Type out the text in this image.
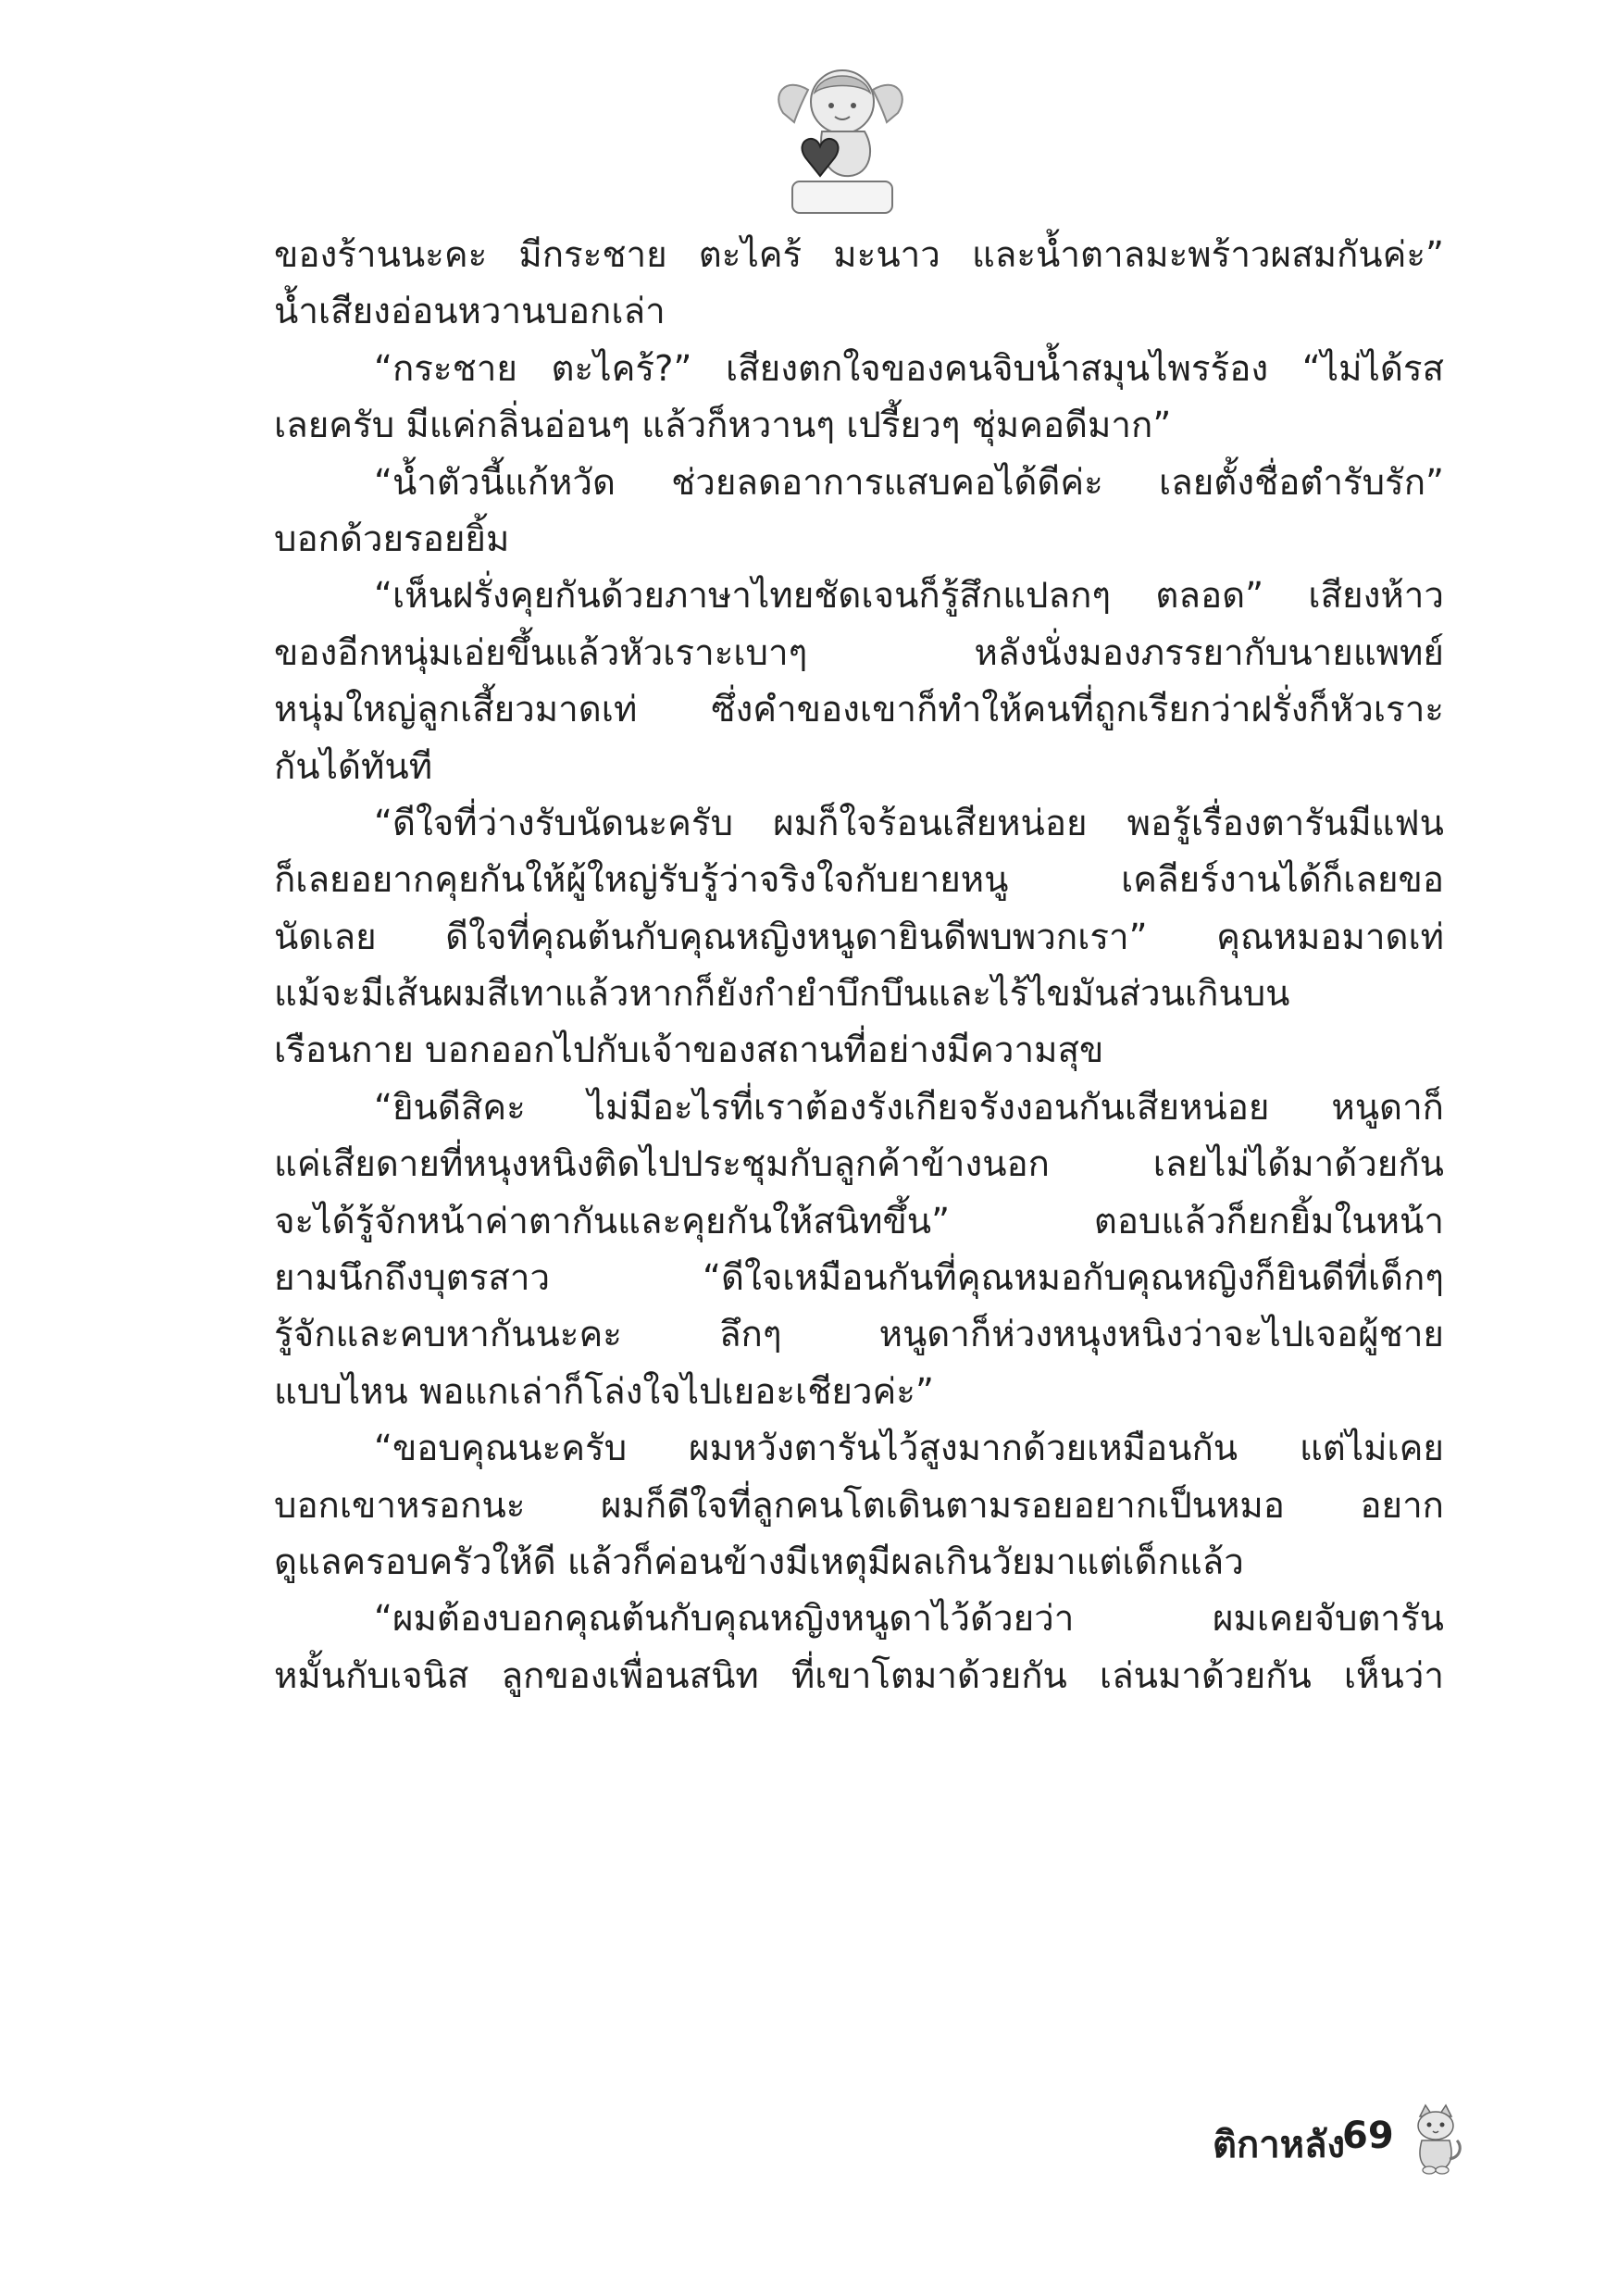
ของร้านนะคะ มีกระชาย ตะไคร้ มะนาว และน้ำตาลมะพร้าวผสมกันค่ะ”
น้ำเสียงอ่อนหวานบอกเล่า
“กระชาย ตะไคร้?” เสียงตกใจของคนจิบน้ำสมุนไพรร้อง “ไม่ได้รส
เลยครับ มีแค่กลิ่นอ่อนๆ แล้วก็หวานๆ เปรี้ยวๆ ชุ่มคอดีมาก”
“น้ำตัวนี้แก้หวัด ช่วยลดอาการแสบคอได้ดีค่ะ เลยตั้งชื่อตำรับรัก”
บอกด้วยรอยยิ้ม
“เห็นฝรั่งคุยกันด้วยภาษาไทยชัดเจนก็รู้สึกแปลกๆ ตลอด” เสียงห้าว
ของอีกหนุ่มเอ่ยขึ้นแล้วหัวเราะเบาๆ หลังนั่งมองภรรยากับนายแพทย์
หนุ่มใหญ่ลูกเสี้ยวมาดเท่ ซึ่งคำของเขาก็ทำให้คนที่ถูกเรียกว่าฝรั่งก็หัวเราะ
กันได้ทันที
“ดีใจที่ว่างรับนัดนะครับ ผมก็ใจร้อนเสียหน่อย พอรู้เรื่องตารันมีแฟน
ก็เลยอยากคุยกันให้ผู้ใหญ่รับรู้ว่าจริงใจกับยายหนู เคลียร์งานได้ก็เลยขอ
นัดเลย ดีใจที่คุณต้นกับคุณหญิงหนูดายินดีพบพวกเรา” คุณหมอมาดเท่
แม้จะมีเส้นผมสีเทาแล้วหากก็ยังกำยำบึกบึนและไร้ไขมันส่วนเกินบน
เรือนกาย บอกออกไปกับเจ้าของสถานที่อย่างมีความสุข
“ยินดีสิคะ ไม่มีอะไรที่เราต้องรังเกียจรังงอนกันเสียหน่อย หนูดาก็
แค่เสียดายที่หนุงหนิงติดไปประชุมกับลูกค้าข้างนอก เลยไม่ได้มาด้วยกัน
จะได้รู้จักหน้าค่าตากันและคุยกันให้สนิทขึ้น” ตอบแล้วก็ยกยิ้มในหน้า
ยามนึกถึงบุตรสาว “ดีใจเหมือนกันที่คุณหมอกับคุณหญิงก็ยินดีที่เด็กๆ
รู้จักและคบหากันนะคะ ลึกๆ หนูดาก็ห่วงหนุงหนิงว่าจะไปเจอผู้ชาย
แบบไหน พอแกเล่าก็โล่งใจไปเยอะเชียวค่ะ”
“ขอบคุณนะครับ ผมหวังตารันไว้สูงมากด้วยเหมือนกัน แต่ไม่เคย
บอกเขาหรอกนะ ผมก็ดีใจที่ลูกคนโตเดินตามรอยอยากเป็นหมอ อยาก
ดูแลครอบครัวให้ดี แล้วก็ค่อนข้างมีเหตุมีผลเกินวัยมาแต่เด็กแล้ว
“ผมต้องบอกคุณต้นกับคุณหญิงหนูดาไว้ด้วยว่า ผมเคยจับตารัน
หมั้นกับเจนิส ลูกของเพื่อนสนิท ที่เขาโตมาด้วยกัน เล่นมาด้วยกัน เห็นว่า
ติกาหลัง
69
